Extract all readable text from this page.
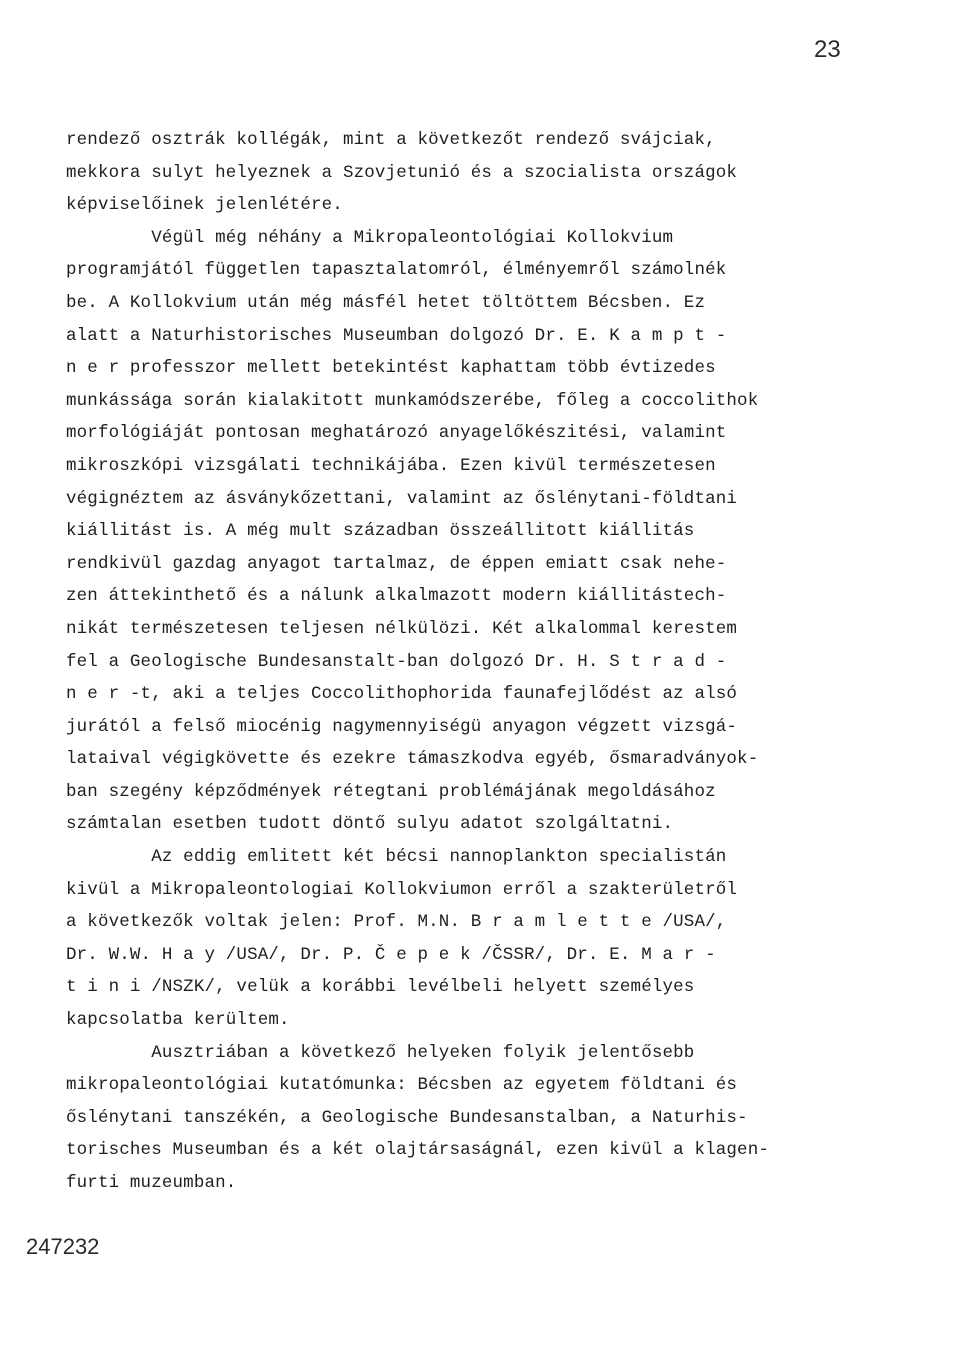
23
rendező osztrák kollégák, mint a következőt rendező svájciak,
mekkora sulyt helyeznek a Szovjetunió és a szocialista országok
képviselőinek jelenlétére.
Végül még néhány a Mikropaleontológiai Kollokvium
programjától független tapasztalatomról, élményemről számolnék
be. A Kollokvium után még másfél hetet töltöttem Bécsben. Ez
alatt a Naturhistorisches Museumban dolgozó Dr. E. K a m p t -
n e r professzor mellett betekintést kaphattam több évtizedes
munkássága során kialakitott munkamódszerébe, főleg a coccolithok
morfológiáját pontosan meghatározó anyagelőkészitési, valamint
mikroszkópi vizsgálati technikájába. Ezen kivül természetesen
végignéztem az ásványkőzettani, valamint az őslénytani-földtani
kiállitást is. A még mult században összeállitott kiállitás
rendkivül gazdag anyagot tartalmaz, de éppen emiatt csak nehe-
zen áttekinthető és a nálunk alkalmazott modern kiállitástech-
nikát természetesen teljesen nélkülözi. Két alkalommal kerestem
fel a Geologische Bundesanstalt-ban dolgozó Dr. H. S t r a d -
n e r -t, aki a teljes Coccolithophorida faunafejlődést az alsó
jurától a felső miocénig nagymennyiségü anyagon végzett vizsgá-
lataival végigkövette és ezekre támaszkodva egyéb, ősmaradványok-
ban szegény képződmények rétegtani problémájának megoldásához
számtalan esetben tudott döntő sulyu adatot szolgáltatni.
Az eddig emlitett két bécsi nannoplankton specialistán
kivül a Mikropaleontologiai Kollokviumon erről a szakterületről
a következők voltak jelen: Prof. M.N. B r a m l e t t e /USA/,
Dr. W.W. H a y /USA/, Dr. P. Č e p e k /ČSSR/, Dr. E. M a r -
t i n i /NSZK/, velük a korábbi levélbeli helyett személyes
kapcsolatba kerültem.
Ausztriában a következő helyeken folyik jelentősebb
mikropaleontológiai kutatómunka: Bécsben az egyetem földtani és
őslénytani tanszékén, a Geologische Bundesanstalban, a Naturhis-
torisches Museumban és a két olajtársaságnál, ezen kivül a klagen-
furti muzeumban.
247232
